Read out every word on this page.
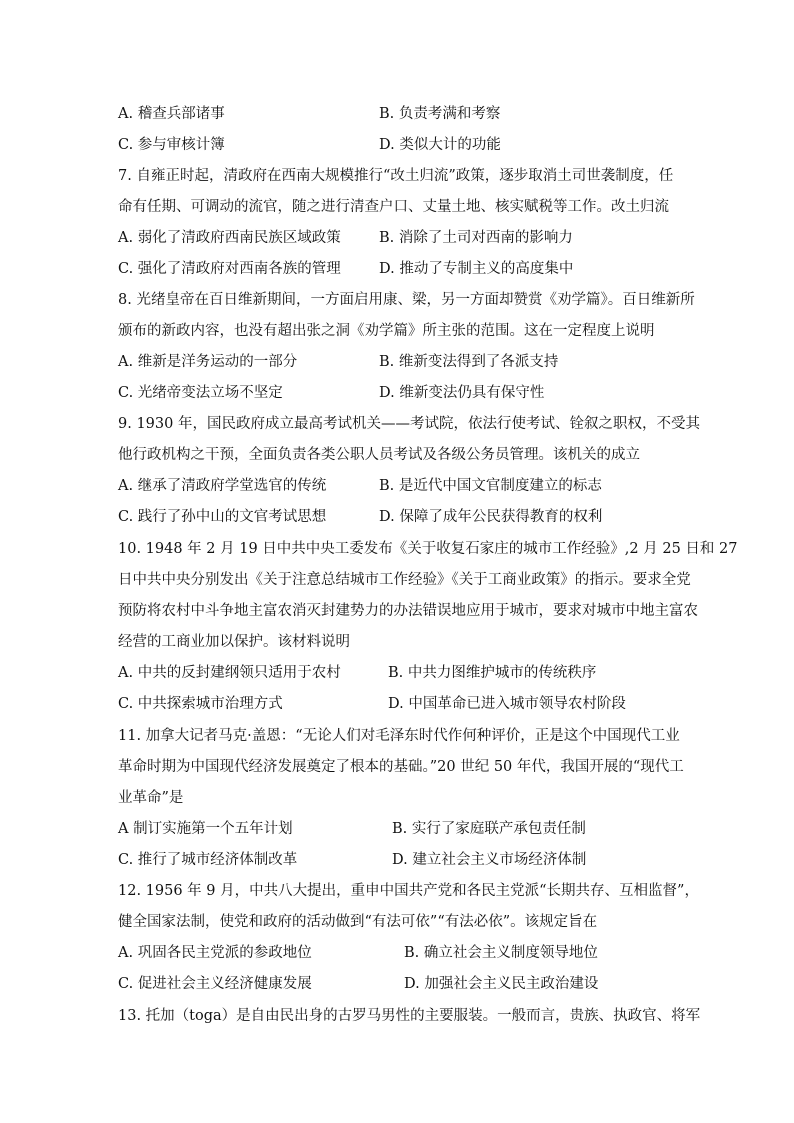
A. 稽查兵部诸事	B. 负责考满和考察
C. 参与审核计簿	D. 类似大计的功能
7. 自雍正时起，清政府在西南大规模推行“改土归流”政策，逐步取消土司世袭制度，任
命有任期、可调动的流官，随之进行清查户口、丈量土地、核实赋税等工作。改土归流
A. 弱化了清政府西南民族区域政策	B. 消除了土司对西南的影响力
C. 强化了清政府对西南各族的管理	D. 推动了专制主义的高度集中
8. 光绪皇帝在百日维新期间，一方面启用康、梁，另一方面却赞赏《劝学篇》。百日维新所
颁布的新政内容，也没有超出张之洞《劝学篇》所主张的范围。这在一定程度上说明
A. 维新是洋务运动的一部分	B. 维新变法得到了各派支持
C. 光绪帝变法立场不坚定	D. 维新变法仍具有保守性
9. 1930 年，国民政府成立最高考试机关——考试院，依法行使考试、铨叙之职权，不受其
他行政机构之干预，全面负责各类公职人员考试及各级公务员管理。该机关的成立
A. 继承了清政府学堂选官的传统	B. 是近代中国文官制度建立的标志
C. 践行了孙中山的文官考试思想	D. 保障了成年公民获得教育的权利
10. 1948 年 2 月 19 日中共中央工委发布《关于收复石家庄的城市工作经验》,2 月 25 日和 27
日中共中央分别发出《关于注意总结城市工作经验》《关于工商业政策》的指示。要求全党
预防将农村中斗争地主富农消灭封建势力的办法错误地应用于城市，要求对城市中地主富农
经营的工商业加以保护。该材料说明
A. 中共的反封建纲领只适用于农村	B. 中共力图维护城市的传统秩序
C. 中共探索城市治理方式	D. 中国革命已进入城市领导农村阶段
11. 加拿大记者马克·盖恩：“无论人们对毛泽东时代作何种评价，正是这个中国现代工业
革命时期为中国现代经济发展奠定了根本的基础。”20 世纪 50 年代，我国开展的“现代工
业革命”是
A 制订实施第一个五年计划	B. 实行了家庭联产承包责任制
C. 推行了城市经济体制改革	D. 建立社会主义市场经济体制
12. 1956 年 9 月，中共八大提出，重申中国共产党和各民主党派“长期共存、互相监督”，
健全国家法制，使党和政府的活动做到“有法可依”“有法必依”。该规定旨在
A. 巩固各民主党派的参政地位	B. 确立社会主义制度领导地位
C. 促进社会主义经济健康发展	D. 加强社会主义民主政治建设
13. 托加（toga）是自由民出身的古罗马男性的主要服装。一般而言，贵族、执政官、将军
